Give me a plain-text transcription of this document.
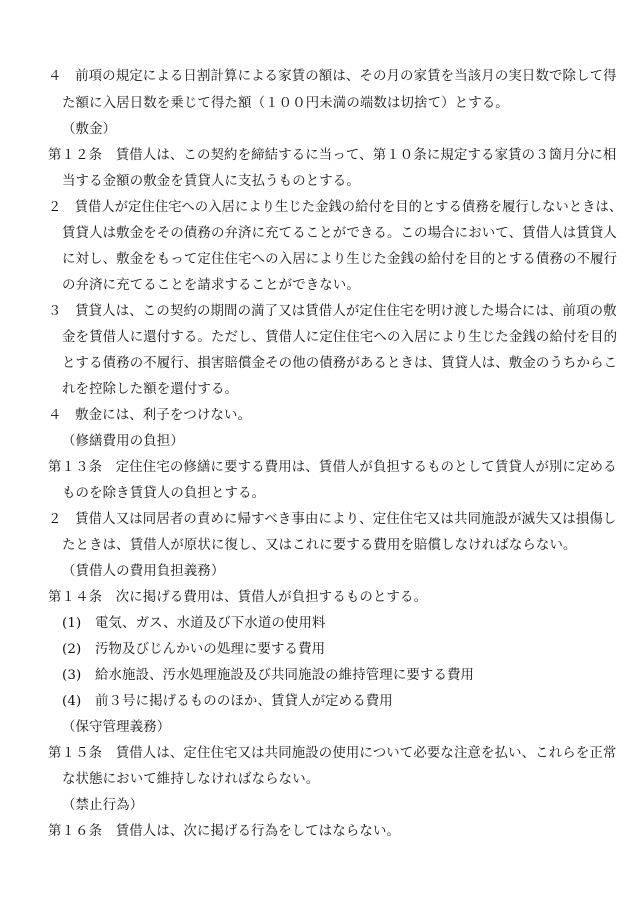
４　前項の規定による日割計算による家賃の額は、その月の家賃を当該月の実日数で除して得
た額に入居日数を乗じて得た額（１００円未満の端数は切捨て）とする。
（敷金）
第１２条　賃借人は、この契約を締結するに当って、第１０条に規定する家賃の３箇月分に相
当する金額の敷金を賃貸人に支払うものとする。
２　賃借人が定住住宅への入居により生じた金銭の給付を目的とする債務を履行しないときは、
賃貸人は敷金をその債務の弁済に充てることができる。この場合において、賃借人は賃貸人
に対し、敷金をもって定住住宅への入居により生じた金銭の給付を目的とする債務の不履行
の弁済に充てることを請求することができない。
３　賃貸人は、この契約の期間の満了又は賃借人が定住住宅を明け渡した場合には、前項の敷
金を賃借人に還付する。ただし、賃借人に定住住宅への入居により生じた金銭の給付を目的
とする債務の不履行、損害賠償金その他の債務があるときは、賃貸人は、敷金のうちからこ
れを控除した額を還付する。
４　敷金には、利子をつけない。
（修繕費用の負担）
第１３条　定住住宅の修繕に要する費用は、賃借人が負担するものとして賃貸人が別に定める
ものを除き賃貸人の負担とする。
２　賃借人又は同居者の責めに帰すべき事由により、定住住宅又は共同施設が滅失又は損傷し
たときは、賃借人が原状に復し、又はこれに要する費用を賠償しなければならない。
（賃借人の費用負担義務）
第１４条　次に掲げる費用は、賃借人が負担するものとする。
(1)　電気、ガス、水道及び下水道の使用料
(2)　汚物及びじんかいの処理に要する費用
(3)　給水施設、汚水処理施設及び共同施設の維持管理に要する費用
(4)　前３号に掲げるもののほか、賃貸人が定める費用
（保守管理義務）
第１５条　賃借人は、定住住宅又は共同施設の使用について必要な注意を払い、これらを正常
な状態において維持しなければならない。
（禁止行為）
第１６条　賃借人は、次に掲げる行為をしてはならない。
